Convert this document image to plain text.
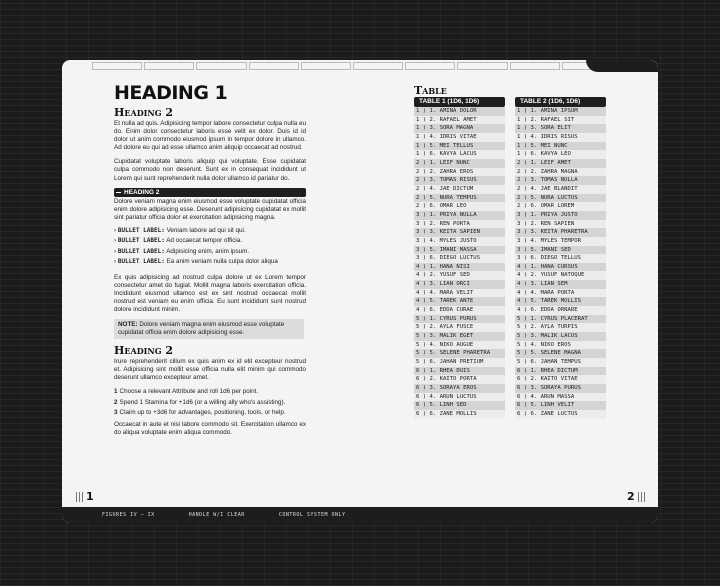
HEADING 1
Heading 2

Et nulla ad quis. Adipisicing tempor labore consectetur culpa nulla eu do. Enim dolor consectetur laboris esse velit ex dolor. Duis id id dolor ut anim commodo eiusmod ipsum in tempor dolore in ullamco. Ad dolore eu qui ad esse ullamco anim aliquip occaecat ad nostrud.

Cupidatat voluptate laboris aliquip qui voluptate. Esse cupidatat culpa commodo non deserunt. Sunt ex in consequat incididunt ut Lorem qui sunt reprehenderit nulla dolor ullamco id pariatur do.

HEADING 2

Dolore veniam magna enim eiusmod esse voluptate cupidatat officia enim dolore adipisicing esse. Deserunt adipisicing cupidatat ex mollit sint pariatur officia dolor et exercitation adipisicing magna.

› BULLET LABEL: Veniam labore ad qui sit qui.
› BULLET LABEL: Ad occaecat tempor officia.
› BULLET LABEL: Adipisicing enim, anim ipsum.
› BULLET LABEL: Ea anim veniam nulla culpa dolor aliqua

Ex quis adipisicing ad nostrud culpa dolore ut ex Lorem tempor consectetur amet do fugiat. Mollit magna laboris exercitation officia. Incididunt eiusmod ullamco est ex sint nostrud occaecat mollit nostrud est veniam eu enim officia. Eu sunt incididunt sunt nostrud dolore incididunt minim.

NOTE: Dolore veniam magna enim eiusmod esse voluptate cupidatat officia enim dolore adipisicing esse.
Heading 2

Irure reprehenderit cillum ex quis anim ex id elit excepteur nostrud et. Adipisicing sint mollit esse officia nulla elit minim qui commodo deserunt ullamco excepteur amet.

1 Choose a relevant Attribute and roll 1d6 per point.
2 Spend 1 Stamina for +1d6 (or a willing ally who's assisting).
3 Claim up to +3d6 for advantages, positioning, tools, or help.

Occaecat in aute et nisi labore commodo sit. Exercitation ullamco ex do aliqua voluptate enim aliqua commodo.

Table
TABLE 1 (1D6, 1D6)
1 ) 1. AMINA DOLOR
1 ) 2. RAFAEL AMET
1 ) 3. SORA MAGNA
1 ) 4. IDRIS VITAE
1 ) 5. MEI TELLUS
1 ) 6. KAVYA LACUS
2 ) 1. LEIF NUNC
2 ) 2. ZAHRA EROS
2 ) 3. TOMAS RISUS
2 ) 4. JAE DICTUM
2 ) 5. NURA TEMPUS
2 ) 6. OMAR LEO
3 ) 1. PRIYA NULLA
3 ) 2. REN PORTA
3 ) 3. KEITA SAPIEN
3 ) 4. MYLES JUSTO
3 ) 5. IMANI MASSA
3 ) 6. DIEGO LUCTUS
4 ) 1. HANA NISI
4 ) 2. YUSUF SED
4 ) 3. LIAN ORCI
4 ) 4. MARA VELIT
4 ) 5. TAREK ANTE
4 ) 6. EDDA CURAE
5 ) 1. CYRUS PURUS
5 ) 2. AYLA FUSCE
5 ) 3. MALIK EGET
5 ) 4. NIKO AUGUE
5 ) 5. SELENE PHARETRA
5 ) 6. JAHAN PRETIUM
6 ) 1. RHEA DUIS
6 ) 2. KAITO PORTA
6 ) 3. SORAYA EROS
6 ) 4. ARUN LUCTUS
6 ) 5. LINH SED
6 ) 6. ZANE MOLLIS
TABLE 2 (1D6, 1D6)
1 ) 1. AMINA IPSUM
1 ) 2. RAFAEL SIT
1 ) 3. SORA ELIT
1 ) 4. IDRIS RISUS
1 ) 5. MEI NUNC
1 ) 6. KAVYA LEO
2 ) 1. LEIF AMET
2 ) 2. ZAHRA MAGNA
2 ) 3. TOMAS NULLA
2 ) 4. JAE BLANDIT
2 ) 5. NURA LUCTUS
2 ) 6. OMAR LOREM
3 ) 1. PRIYA JUSTO
3 ) 2. REN SAPIEN
3 ) 3. KEITA PHARETRA
3 ) 4. MYLES TEMPOR
3 ) 5. IMANI SED
3 ) 6. DIEGO TELLUS
4 ) 1. HANA CURSUS
4 ) 2. YUSUF NATOQUE
4 ) 3. LIAN SEM
4 ) 4. MARA PORTA
4 ) 5. TAREK MOLLIS
4 ) 6. EDDA ORNARE
5 ) 1. CYRUS PLACERAT
5 ) 2. AYLA TURPIS
5 ) 3. MALIK LACUS
5 ) 4. NIKO EROS
5 ) 5. SELENE MAGNA
5 ) 6. JAHAN TEMPUS
6 ) 1. RHEA DICTUM
6 ) 2. KAITO VITAE
6 ) 3. SORAYA PURUS
6 ) 4. ARUN MASSA
6 ) 5. LINH VELIT
6 ) 6. ZANE LUCTUS
1	2
FIGURES IV – IX	HANDLE W/I CLEAR	CONTROL SYSTEM ONLY
